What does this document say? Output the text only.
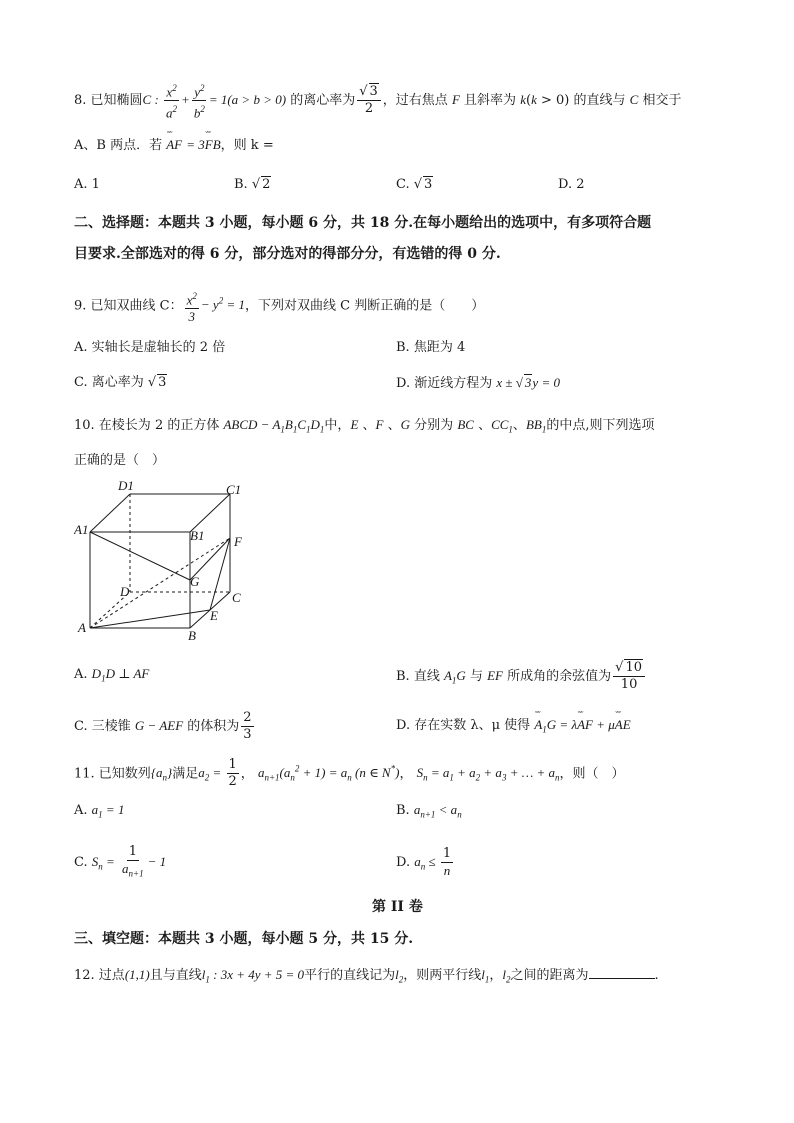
8. 已知椭圆C : $\frac{x^2}{a^2} + \frac{y^2}{b^2} = 1(a > b > 0)$ 的离心率为 $\frac{√ 3}{2}$ ，过右焦点 F 且斜率为 k(k > 0) 的直线与 C 相交于
A、B 两点．若 ˇˇˇ AF = 3ˇˇˇ FB，则 k =
A. 1	B. √ 2	C. √ 3	D. 2
二、选择题：本题共 3 小题，每小题 6 分，共 18 分.在每小题给出的选项中，有多项符合题
目要求.全部选对的得 6 分，部分选对的得部分分，有选错的得 0 分.
9. 已知双曲线 C： $\frac{x^2}{3} - y^2 = 1$，下列对双曲线 C 判断正确的是（　　）
A. 实轴长是虚轴长的 2 倍	B. 焦距为 4
C. 离心率为 √ 3	D. 渐近线方程为 x ± √ 3y = 0
10. 在棱长为 2 的正方体 ABCD − $A_1B_1C_1D_1$中，E 、F 、G 分别为 BC 、$CC_1$、$BB_1$的中点,则下列选项
正确的是（　）
D1	C1
A1	B1 F
G
D	C
E
A
B
A. $D_1D$ ⊥ AF	B. 直线 $A_1G$ 与 EF 所成角的余弦值为 $\frac{√ 10}{10}$
C. 三棱锥 G − AEF 的体积为 $\frac{2}{3}$	D. 存在实数 λ、μ 使得 ˇˇˇ $A_1G$ = λˇˇˇ AF + μˇˇˇ AE
11. 已知数列$\{a_n\}$满足$a_2 = \frac{1}{2}$ ， $a_{n+1}(a_n^2 + 1) = a_n$ (n ∈ N*)， $S_n = a_1 + a_2 + a_3$ + … + $a_n$，则（　）
A. $a_1 = 1$	B. $a_{n+1} < a_n$
C. $S_n = \frac{1}{a_{n+1}} - 1$	D. $a_n \le \frac{1}{n}$
第 II 卷
三、填空题：本题共 3 小题，每小题 5 分，共 15 分.
12. 过点(1,1)且与直线$l_1$ : 3x + 4y + 5 = 0平行的直线记为$l_2$，则两平行线$l_1$，$l_2$之间的距离为	.
